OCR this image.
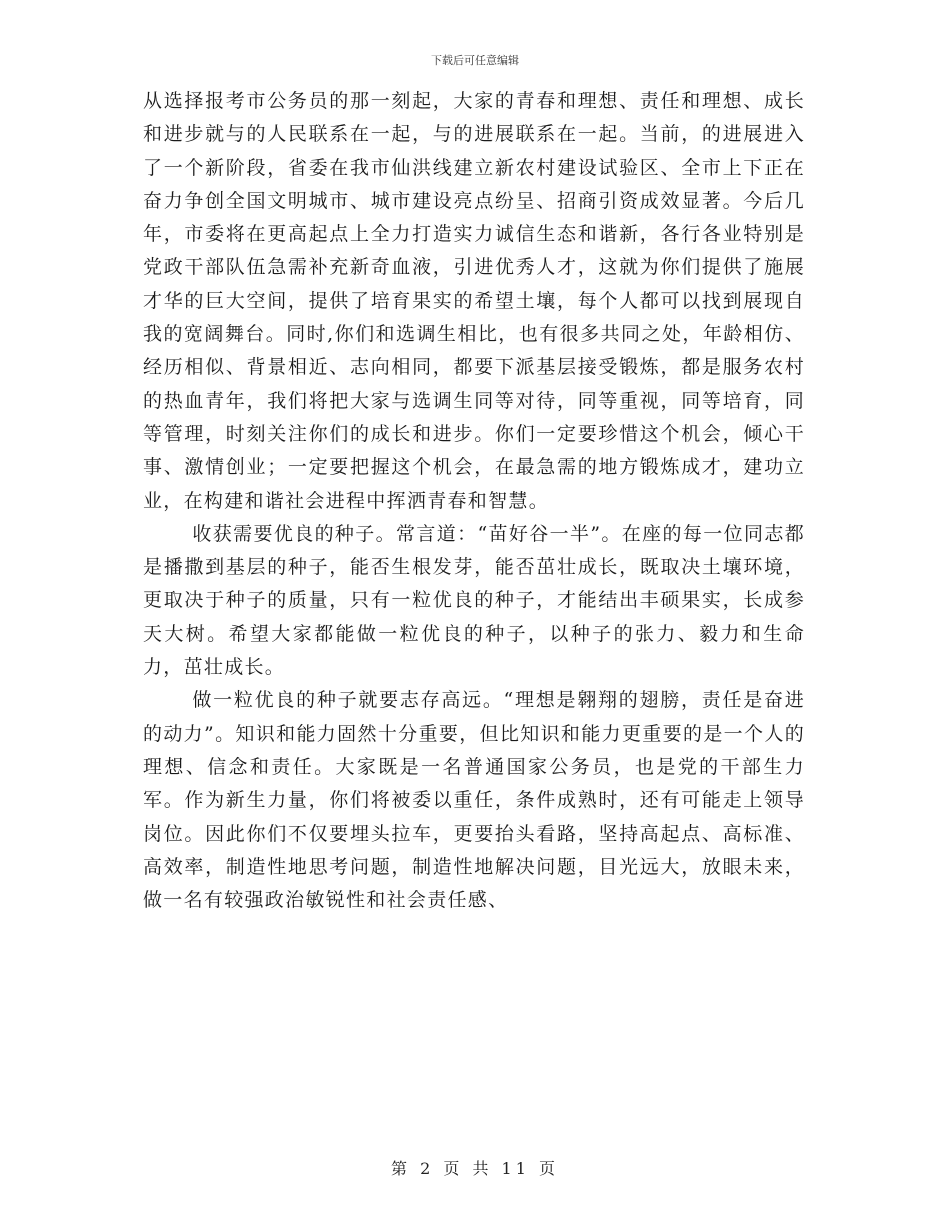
下载后可任意编辑

从选择报考市公务员的那一刻起，大家的青春和理想、责任和理想、成长和进步就与的人民联系在一起，与的进展联系在一起。当前，的进展进入了一个新阶段，省委在我市仙洪线建立新农村建设试验区、全市上下正在奋力争创全国文明城市、城市建设亮点纷呈、招商引资成效显著。今后几年，市委将在更高起点上全力打造实力诚信生态和谐新，各行各业特别是党政干部队伍急需补充新奇血液，引进优秀人才，这就为你们提供了施展才华的巨大空间，提供了培育果实的希望土壤，每个人都可以找到展现自我的宽阔舞台。同时,你们和选调生相比，也有很多共同之处，年龄相仿、经历相似、背景相近、志向相同，都要下派基层接受锻炼，都是服务农村的热血青年，我们将把大家与选调生同等对待，同等重视，同等培育，同等管理，时刻关注你们的成长和进步。你们一定要珍惜这个机会，倾心干事、激情创业；一定要把握这个机会，在最急需的地方锻炼成才，建功立业，在构建和谐社会进程中挥洒青春和智慧。

收获需要优良的种子。常言道：“苗好谷一半”。在座的每一位同志都是播撒到基层的种子，能否生根发芽，能否茁壮成长，既取决土壤环境，更取决于种子的质量，只有一粒优良的种子，才能结出丰硕果实，长成参天大树。希望大家都能做一粒优良的种子，以种子的张力、毅力和生命力，茁壮成长。

做一粒优良的种子就要志存高远。“理想是翱翔的翅膀，责任是奋进的动力”。知识和能力固然十分重要，但比知识和能力更重要的是一个人的理想、信念和责任。大家既是一名普通国家公务员，也是党的干部生力军。作为新生力量，你们将被委以重任，条件成熟时，还有可能走上领导岗位。因此你们不仅要埋头拉车，更要抬头看路，坚持高起点、高标准、高效率，制造性地思考问题，制造性地解决问题，目光远大，放眼未来，做一名有较强政治敏锐性和社会责任感、

第 2 页 共 11 页
